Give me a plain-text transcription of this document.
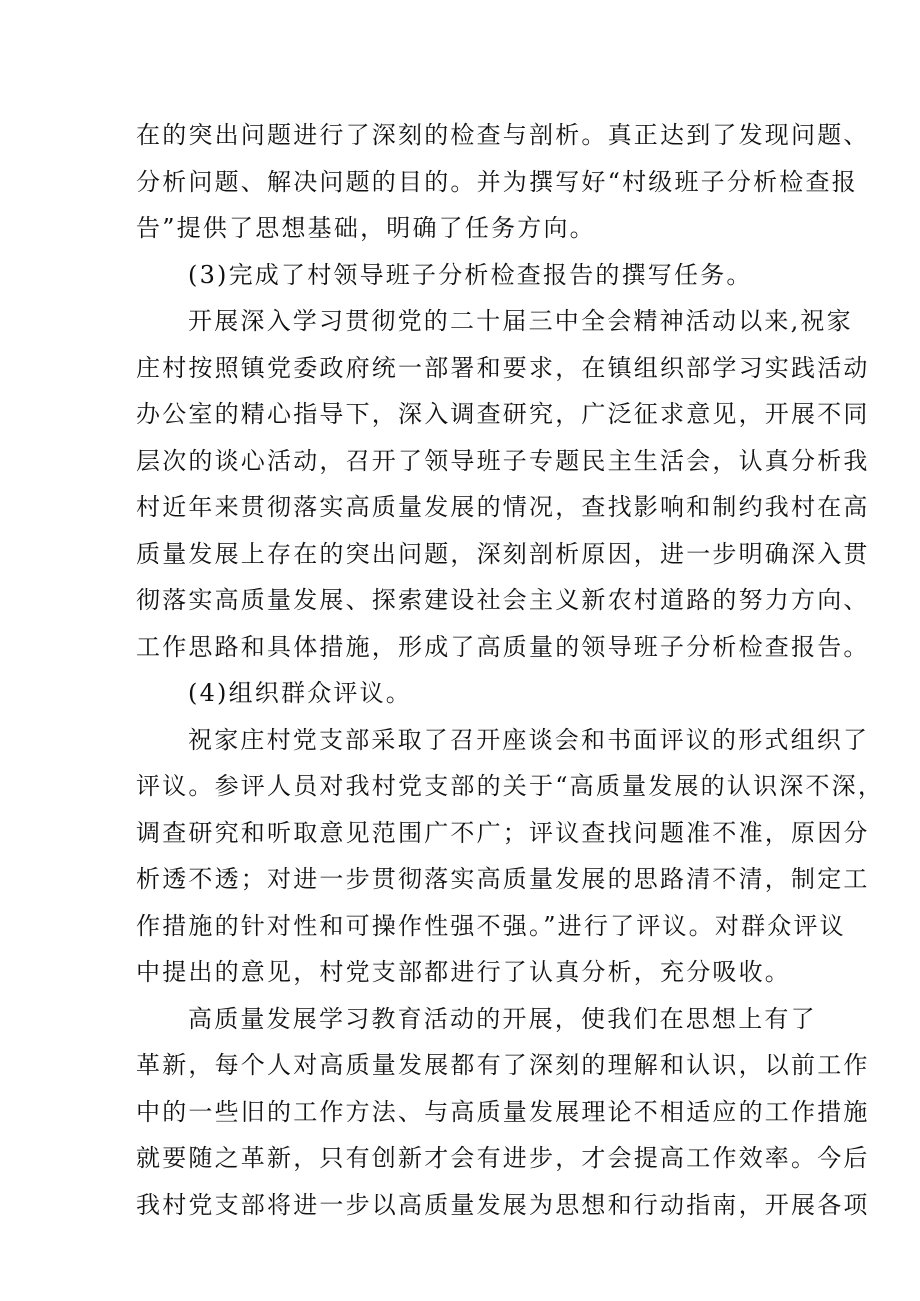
在的突出问题进行了深刻的检查与剖析。真正达到了发现问题、
分析问题、解决问题的目的。并为撰写好“村级班子分析检查报
告”提供了思想基础，明确了任务方向。
(3)完成了村领导班子分析检查报告的撰写任务。
开展深入学习贯彻党的二十届三中全会精神活动以来,祝家
庄村按照镇党委政府统一部署和要求，在镇组织部学习实践活动
办公室的精心指导下，深入调查研究，广泛征求意见，开展不同
层次的谈心活动，召开了领导班子专题民主生活会，认真分析我
村近年来贯彻落实高质量发展的情况，查找影响和制约我村在高
质量发展上存在的突出问题，深刻剖析原因，进一步明确深入贯
彻落实高质量发展、探索建设社会主义新农村道路的努力方向、
工作思路和具体措施，形成了高质量的领导班子分析检查报告。
(4)组织群众评议。
祝家庄村党支部采取了召开座谈会和书面评议的形式组织了
评议。参评人员对我村党支部的关于“高质量发展的认识深不深，
调查研究和听取意见范围广不广；评议查找问题准不准，原因分
析透不透；对进一步贯彻落实高质量发展的思路清不清，制定工
作措施的针对性和可操作性强不强。”进行了评议。对群众评议
中提出的意见，村党支部都进行了认真分析，充分吸收。
高质量发展学习教育活动的开展，使我们在思想上有了
革新，每个人对高质量发展都有了深刻的理解和认识，以前工作
中的一些旧的工作方法、与高质量发展理论不相适应的工作措施
就要随之革新，只有创新才会有进步，才会提高工作效率。今后
我村党支部将进一步以高质量发展为思想和行动指南，开展各项
